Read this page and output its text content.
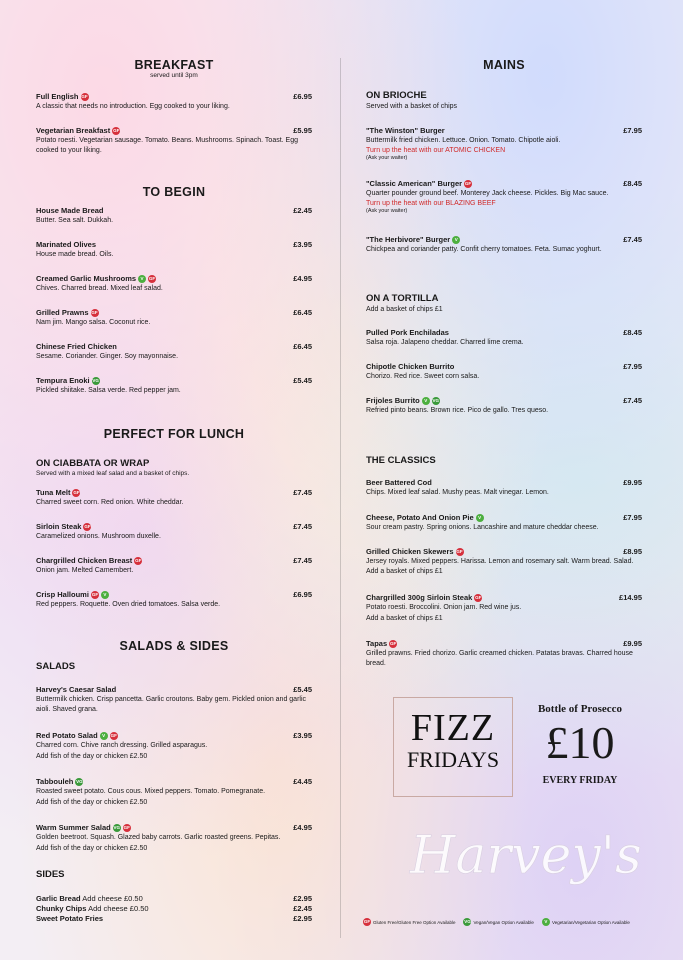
BREAKFAST
served until 3pm
Full English GF	£6.95
A classic that needs no introduction. Egg cooked to your liking.
Vegetarian Breakfast GF	£5.95
Potato roesti. Vegetarian sausage. Tomato. Beans. Mushrooms. Spinach. Toast. Egg cooked to your liking.
TO BEGIN
House Made Bread	£2.45
Butter. Sea salt. Dukkah.
Marinated Olives	£3.95
House made bread. Oils.
Creamed Garlic Mushrooms V	GF	£4.95
Chives. Charred bread. Mixed leaf salad.
Grilled Prawns GF	£6.45
Nam jim. Mango salsa. Coconut rice.
Chinese Fried Chicken	£6.45
Sesame. Coriander. Ginger. Soy mayonnaise.
Tempura Enoki VG	£5.45
Pickled shiitake. Salsa verde. Red pepper jam.
PERFECT FOR LUNCH
ON CIABBATA OR WRAP
Served with a mixed leaf salad and a basket of chips.
Tuna Melt GF	£7.45
Charred sweet corn. Red onion. White cheddar.
Sirloin Steak GF	£7.45
Caramelized onions. Mushroom duxelle.
Chargrilled Chicken Breast GF	£7.45
Onion jam. Melted Camembert.
Crisp Halloumi GF	V	£6.95
Red peppers. Roquette. Oven dried tomatoes. Salsa verde.
SALADS & SIDES
SALADS
Harvey's Caesar Salad	£5.45
Buttermilk chicken. Crisp pancetta. Garlic croutons. Baby gem. Pickled onion and garlic aioli. Shaved grana.
Red Potato Salad V	GF	£3.95
Charred corn. Chive ranch dressing. Grilled asparagus.
Add fish of the day or chicken £2.50
Tabbouleh VG	£4.45
Roasted sweet potato. Cous cous. Mixed peppers. Tomato. Pomegranate.
Add fish of the day or chicken £2.50
Warm Summer Salad VG GF	£4.95
Golden beetroot. Squash. Glazed baby carrots. Garlic roasted greens. Pepitas.
Add fish of the day or chicken £2.50
SIDES
Garlic Bread Add cheese £0.50	£2.95
Chunky Chips Add cheese £0.50	£2.45
Sweet Potato Fries	£2.95
MAINS
ON BRIOCHE
Served with a basket of chips
"The Winston" Burger	£7.95
Buttermilk fried chicken. Lettuce. Onion. Tomato. Chipotle aioli.
Turn up the heat with our ATOMIC CHICKEN
(Ask your waiter)
"Classic American" Burger GF	£8.45
Quarter pounder ground beef. Monterey Jack cheese. Pickles. Big Mac sauce.
Turn up the heat with our BLAZING BEEF
(Ask your waiter)
"The Herbivore" Burger V	£7.45
Chickpea and coriander patty. Confit cherry tomatoes. Feta. Sumac yoghurt.
ON A TORTILLA
Add a basket of chips £1
Pulled Pork Enchiladas	£8.45
Salsa roja. Jalapeno cheddar. Charred lime crema.
Chipotle Chicken Burrito	£7.95
Chorizo. Red rice. Sweet corn salsa.
Frijoles Burrito V	VG	£7.45
Refried pinto beans. Brown rice. Pico de gallo. Tres queso.
THE CLASSICS
Beer Battered Cod	£9.95
Chips. Mixed leaf salad. Mushy peas. Malt vinegar. Lemon.
Cheese, Potato And Onion Pie V	£7.95
Sour cream pastry. Spring onions. Lancashire and mature cheddar cheese.
Grilled Chicken Skewers GF	£8.95
Jersey royals. Mixed peppers. Harissa. Lemon and rosemary salt. Warm bread. Salad. Add a basket of chips £1
Chargrilled 300g Sirloin Steak GF	£14.95
Potato roesti. Broccolini. Onion jam. Red wine jus.
Add a basket of chips £1
Tapas GF	£9.95
Grilled prawns. Fried chorizo. Garlic creamed chicken. Patatas bravas. Charred house bread.
FIZZ
FRIDAYS
Bottle of Prosecco
£10
EVERY FRIDAY
Harvey's
GF Gluten Free/Gluten Free Option Available VG Vegan/Vegan Option Available	V	Vegetarian/Vegetarian Option Available
